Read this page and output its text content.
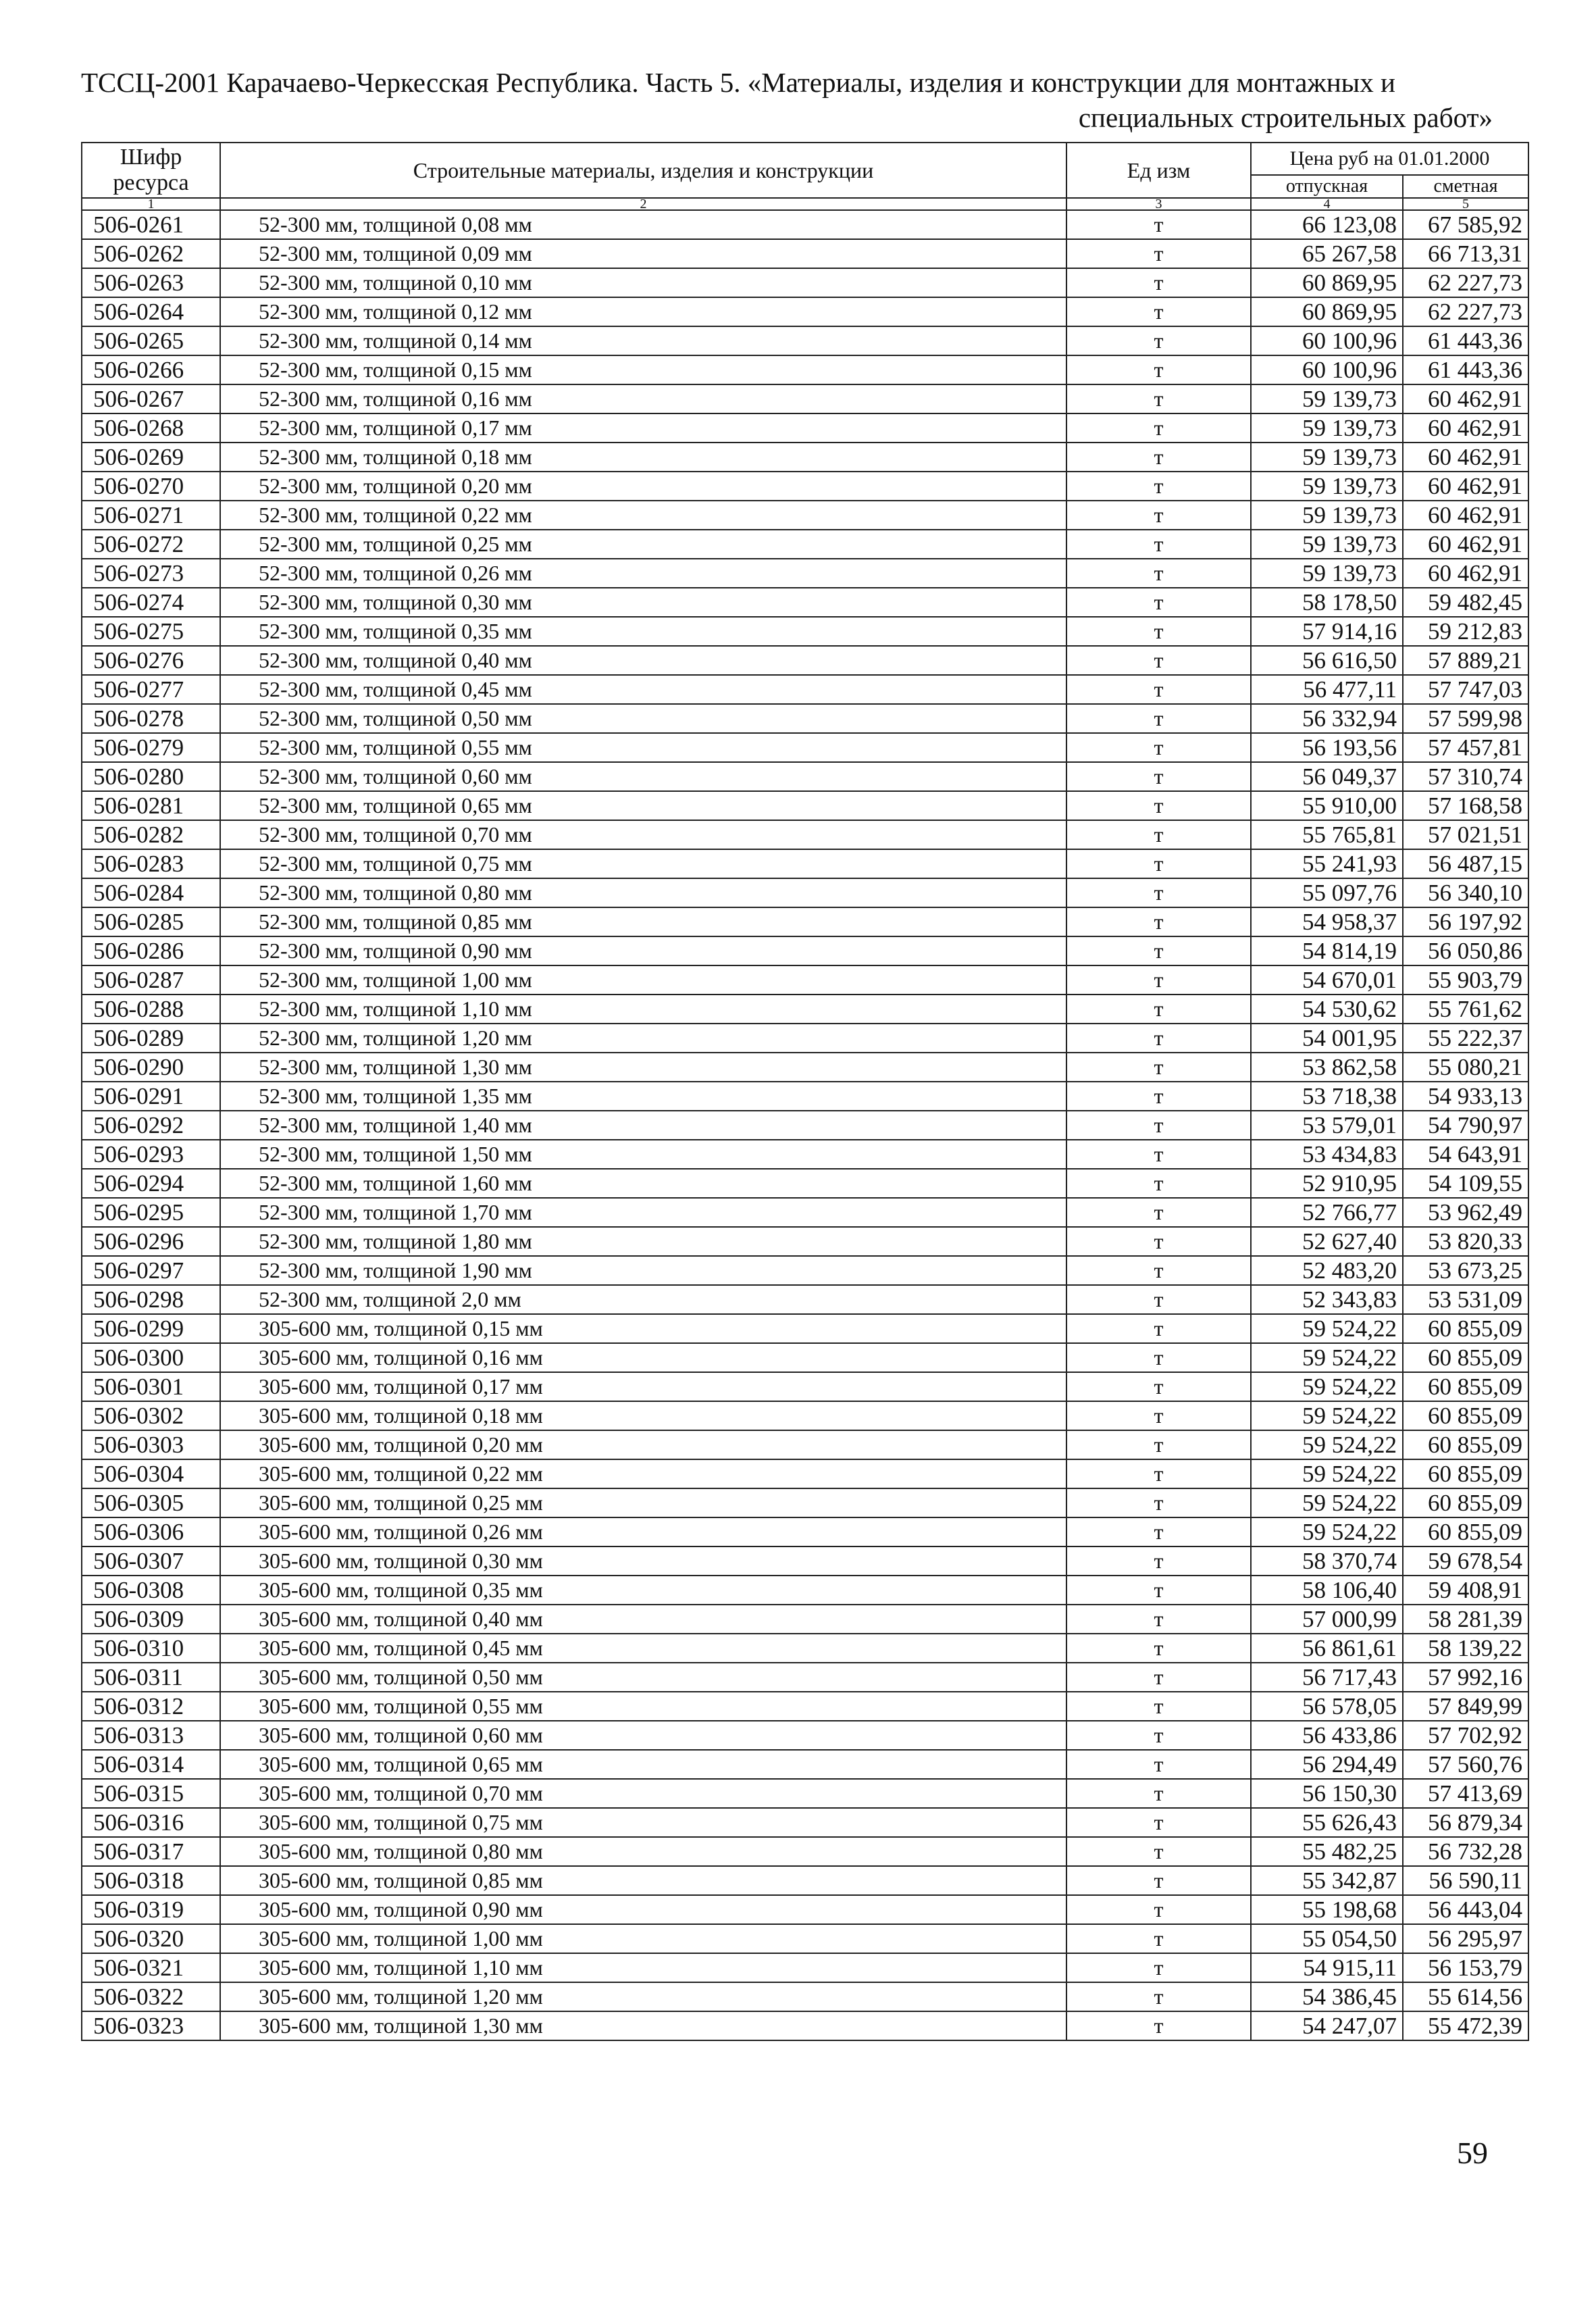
ТССЦ-2001 Карачаево-Черкесская Республика. Часть 5. «Материалы, изделия и конструкции для монтажных и
специальных строительных работ»
Шифр ресурса	Строительные материалы, изделия и конструкции	Ед изм	Цена руб на 01.01.2000	
			отпускная	сметная
1	2	3	4	5
506-0261	52-300 мм, толщиной 0,08 мм	т	66 123,08	67 585,92
506-0262	52-300 мм, толщиной 0,09 мм	т	65 267,58	66 713,31
506-0263	52-300 мм, толщиной 0,10 мм	т	60 869,95	62 227,73
506-0264	52-300 мм, толщиной 0,12 мм	т	60 869,95	62 227,73
506-0265	52-300 мм, толщиной 0,14 мм	т	60 100,96	61 443,36
506-0266	52-300 мм, толщиной 0,15 мм	т	60 100,96	61 443,36
506-0267	52-300 мм, толщиной 0,16 мм	т	59 139,73	60 462,91
506-0268	52-300 мм, толщиной 0,17 мм	т	59 139,73	60 462,91
506-0269	52-300 мм, толщиной 0,18 мм	т	59 139,73	60 462,91
506-0270	52-300 мм, толщиной 0,20 мм	т	59 139,73	60 462,91
506-0271	52-300 мм, толщиной 0,22 мм	т	59 139,73	60 462,91
506-0272	52-300 мм, толщиной 0,25 мм	т	59 139,73	60 462,91
506-0273	52-300 мм, толщиной 0,26 мм	т	59 139,73	60 462,91
506-0274	52-300 мм, толщиной 0,30 мм	т	58 178,50	59 482,45
506-0275	52-300 мм, толщиной 0,35 мм	т	57 914,16	59 212,83
506-0276	52-300 мм, толщиной 0,40 мм	т	56 616,50	57 889,21
506-0277	52-300 мм, толщиной 0,45 мм	т	56 477,11	57 747,03
506-0278	52-300 мм, толщиной 0,50 мм	т	56 332,94	57 599,98
506-0279	52-300 мм, толщиной 0,55 мм	т	56 193,56	57 457,81
506-0280	52-300 мм, толщиной 0,60 мм	т	56 049,37	57 310,74
506-0281	52-300 мм, толщиной 0,65 мм	т	55 910,00	57 168,58
506-0282	52-300 мм, толщиной 0,70 мм	т	55 765,81	57 021,51
506-0283	52-300 мм, толщиной 0,75 мм	т	55 241,93	56 487,15
506-0284	52-300 мм, толщиной 0,80 мм	т	55 097,76	56 340,10
506-0285	52-300 мм, толщиной 0,85 мм	т	54 958,37	56 197,92
506-0286	52-300 мм, толщиной 0,90 мм	т	54 814,19	56 050,86
506-0287	52-300 мм, толщиной 1,00 мм	т	54 670,01	55 903,79
506-0288	52-300 мм, толщиной 1,10 мм	т	54 530,62	55 761,62
506-0289	52-300 мм, толщиной 1,20 мм	т	54 001,95	55 222,37
506-0290	52-300 мм, толщиной 1,30 мм	т	53 862,58	55 080,21
506-0291	52-300 мм, толщиной 1,35 мм	т	53 718,38	54 933,13
506-0292	52-300 мм, толщиной 1,40 мм	т	53 579,01	54 790,97
506-0293	52-300 мм, толщиной 1,50 мм	т	53 434,83	54 643,91
506-0294	52-300 мм, толщиной 1,60 мм	т	52 910,95	54 109,55
506-0295	52-300 мм, толщиной 1,70 мм	т	52 766,77	53 962,49
506-0296	52-300 мм, толщиной 1,80 мм	т	52 627,40	53 820,33
506-0297	52-300 мм, толщиной 1,90 мм	т	52 483,20	53 673,25
506-0298	52-300 мм, толщиной 2,0 мм	т	52 343,83	53 531,09
506-0299	305-600 мм, толщиной 0,15 мм	т	59 524,22	60 855,09
506-0300	305-600 мм, толщиной 0,16 мм	т	59 524,22	60 855,09
506-0301	305-600 мм, толщиной 0,17 мм	т	59 524,22	60 855,09
506-0302	305-600 мм, толщиной 0,18 мм	т	59 524,22	60 855,09
506-0303	305-600 мм, толщиной 0,20 мм	т	59 524,22	60 855,09
506-0304	305-600 мм, толщиной 0,22 мм	т	59 524,22	60 855,09
506-0305	305-600 мм, толщиной 0,25 мм	т	59 524,22	60 855,09
506-0306	305-600 мм, толщиной 0,26 мм	т	59 524,22	60 855,09
506-0307	305-600 мм, толщиной 0,30 мм	т	58 370,74	59 678,54
506-0308	305-600 мм, толщиной 0,35 мм	т	58 106,40	59 408,91
506-0309	305-600 мм, толщиной 0,40 мм	т	57 000,99	58 281,39
506-0310	305-600 мм, толщиной 0,45 мм	т	56 861,61	58 139,22
506-0311	305-600 мм, толщиной 0,50 мм	т	56 717,43	57 992,16
506-0312	305-600 мм, толщиной 0,55 мм	т	56 578,05	57 849,99
506-0313	305-600 мм, толщиной 0,60 мм	т	56 433,86	57 702,92
506-0314	305-600 мм, толщиной 0,65 мм	т	56 294,49	57 560,76
506-0315	305-600 мм, толщиной 0,70 мм	т	56 150,30	57 413,69
506-0316	305-600 мм, толщиной 0,75 мм	т	55 626,43	56 879,34
506-0317	305-600 мм, толщиной 0,80 мм	т	55 482,25	56 732,28
506-0318	305-600 мм, толщиной 0,85 мм	т	55 342,87	56 590,11
506-0319	305-600 мм, толщиной 0,90 мм	т	55 198,68	56 443,04
506-0320	305-600 мм, толщиной 1,00 мм	т	55 054,50	56 295,97
506-0321	305-600 мм, толщиной 1,10 мм	т	54 915,11	56 153,79
506-0322	305-600 мм, толщиной 1,20 мм	т	54 386,45	55 614,56
506-0323	305-600 мм, толщиной 1,30 мм	т	54 247,07	55 472,39
59
